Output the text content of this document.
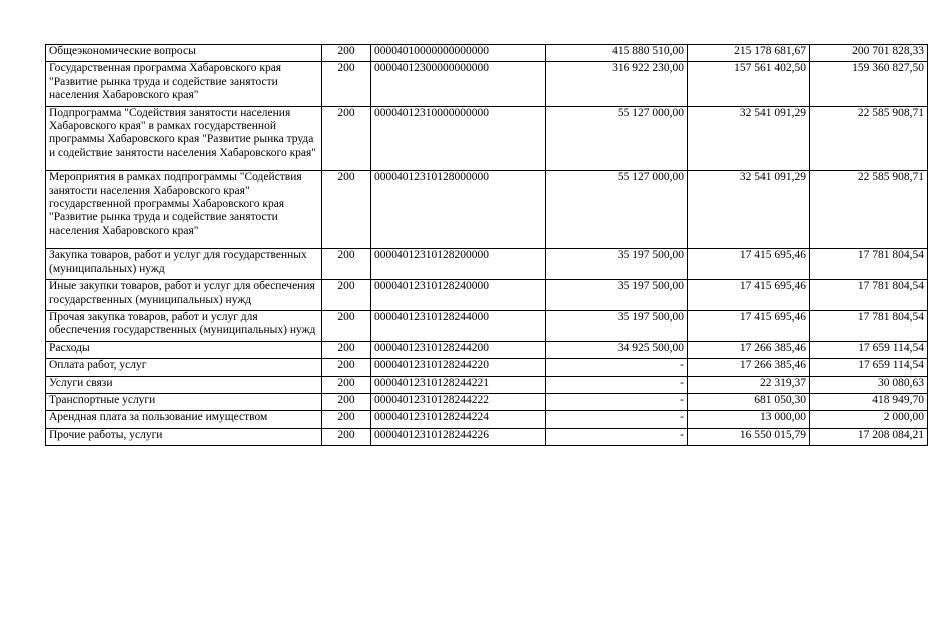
Общеэкономические вопросы	200	00004010000000000000	415 880 510,00	215 178 681,67	200 701 828,33
Государственная программа Хабаровского края "Развитие рынка труда и содействие занятости населения Хабаровского края"	200	00004012300000000000	316 922 230,00	157 561 402,50	159 360 827,50
Подпрограмма "Содействия занятости населения Хабаровского края" в рамках государственной программы Хабаровского края "Развитие рынка труда и содействие занятости населения Хабаровского края"	200	00004012310000000000	55 127 000,00	32 541 091,29	22 585 908,71
Мероприятия в рамках подпрограммы "Содействия занятости населения Хабаровского края" государственной программы Хабаровского края "Развитие рынка труда и содействие занятости населения Хабаровского края"	200	00004012310128000000	55 127 000,00	32 541 091,29	22 585 908,71
Закупка товаров, работ и услуг для государственных (муниципальных) нужд	200	00004012310128200000	35 197 500,00	17 415 695,46	17 781 804,54
Иные закупки товаров, работ и услуг для обеспечения государственных (муниципальных) нужд	200	00004012310128240000	35 197 500,00	17 415 695,46	17 781 804,54
Прочая закупка товаров, работ и услуг для обеспечения государственных (муниципальных) нужд	200	00004012310128244000	35 197 500,00	17 415 695,46	17 781 804,54
Расходы	200	00004012310128244200	34 925 500,00	17 266 385,46	17 659 114,54
Оплата работ, услуг	200	00004012310128244220	-	17 266 385,46	17 659 114,54
Услуги связи	200	00004012310128244221	-	22 319,37	30 080,63
Транспортные услуги	200	00004012310128244222	-	681 050,30	418 949,70
Арендная плата за пользование имуществом	200	00004012310128244224	-	13 000,00	2 000,00
Прочие работы, услуги	200	00004012310128244226	-	16 550 015,79	17 208 084,21
